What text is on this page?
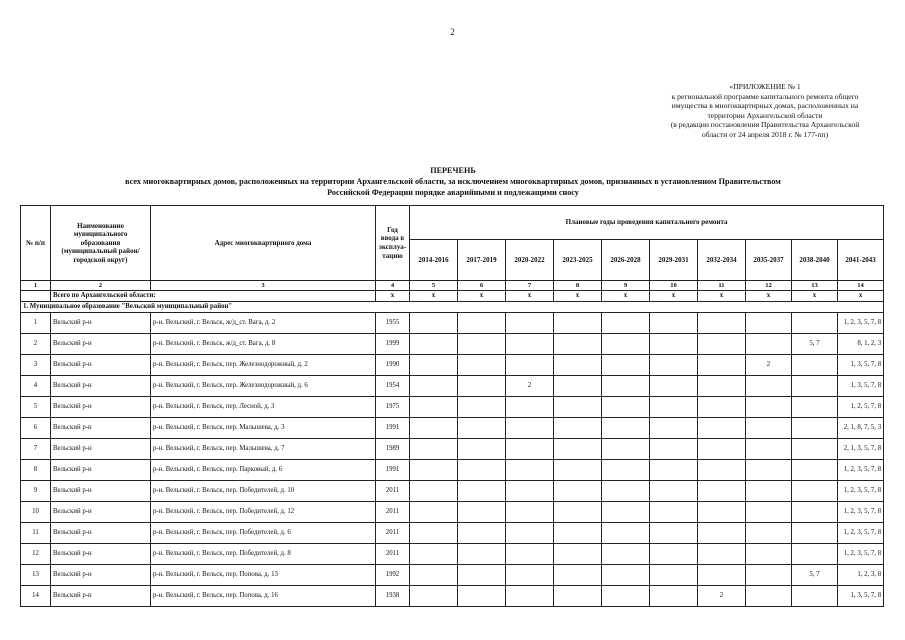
2
«ПРИЛОЖЕНИЕ № 1
к региональной программе капитального ремонта общего
имущества в многоквартирных домах, расположенных на
территории Архангельской области
(в редакции постановления Правительства Архангельской
области от 24 апреля 2018 г. № 177-пп)
ПЕРЕЧЕНЬ
всех многоквартирных домов, расположенных на территории Архангельской области, за исключением многоквартирных домов, признанных в установленном Правительством
Российской Федерации порядке аварийными и подлежащими сносу
№ п/п	Наименование муниципального образования (муниципальный район/городской округ)	Адрес многоквартирного дома	Год ввода в эксплуа-тацию	Плановые годы проведения капитального ремонта									
				2014-2016	2017-2019	2020-2022	2023-2025	2026-2028	2029-2031	2032-2034	2035-2037	2038-2040	2041-2043
1	2	3	4	5	6	7	8	9	10	11	12	13	14
	Всего по Архангельской области:		x	x	x	x	x	x	x	x	x	x	x
1. Муниципальное образование "Вельский муниципальный район"													
1	Вельский р-н	р-н. Вельский, г. Вельск, ж/д_ст. Вага, д. 2	1955										1, 2, 3, 5, 7, 8
2	Вельский р-н	р-н. Вельский, г. Вельск, ж/д_ст. Вага, д. 8	1999									5, 7	8, 1, 2, 3
3	Вельский р-н	р-н. Вельский, г. Вельск, пер. Железнодорожный, д. 2	1990								2		1, 3, 5, 7, 8
4	Вельский р-н	р-н. Вельский, г. Вельск, пер. Железнодорожный, д. 6	1954			2							1, 3, 5, 7, 8
5	Вельский р-н	р-н. Вельский, г. Вельск, пер. Лесной, д. 3	1975										1, 2, 5, 7, 8
6	Вельский р-н	р-н. Вельский, г. Вельск, пер. Малышева, д. 3	1991										2, 1, 8, 7, 5, 3
7	Вельский р-н	р-н. Вельский, г. Вельск, пер. Малышева, д. 7	1989										2, 1, 3, 5, 7, 8
8	Вельский р-н	р-н. Вельский, г. Вельск, пер. Парковый, д. 6	1991										1, 2, 3, 5, 7, 8
9	Вельский р-н	р-н. Вельский, г. Вельск, пер. Победителей, д. 10	2011										1, 2, 3, 5, 7, 8
10	Вельский р-н	р-н. Вельский, г. Вельск, пер. Победителей, д. 12	2011										1, 2, 3, 5, 7, 8
11	Вельский р-н	р-н. Вельский, г. Вельск, пер. Победителей, д. 6	2011										1, 2, 3, 5, 7, 8
12	Вельский р-н	р-н. Вельский, г. Вельск, пер. Победителей, д. 8	2011										1, 2, 3, 5, 7, 8
13	Вельский р-н	р-н. Вельский, г. Вельск, пер. Попова, д. 13	1992									5, 7	1, 2, 3, 8
14	Вельский р-н	р-н. Вельский, г. Вельск, пер. Попова, д. 16	1938							2			1, 3, 5, 7, 8
